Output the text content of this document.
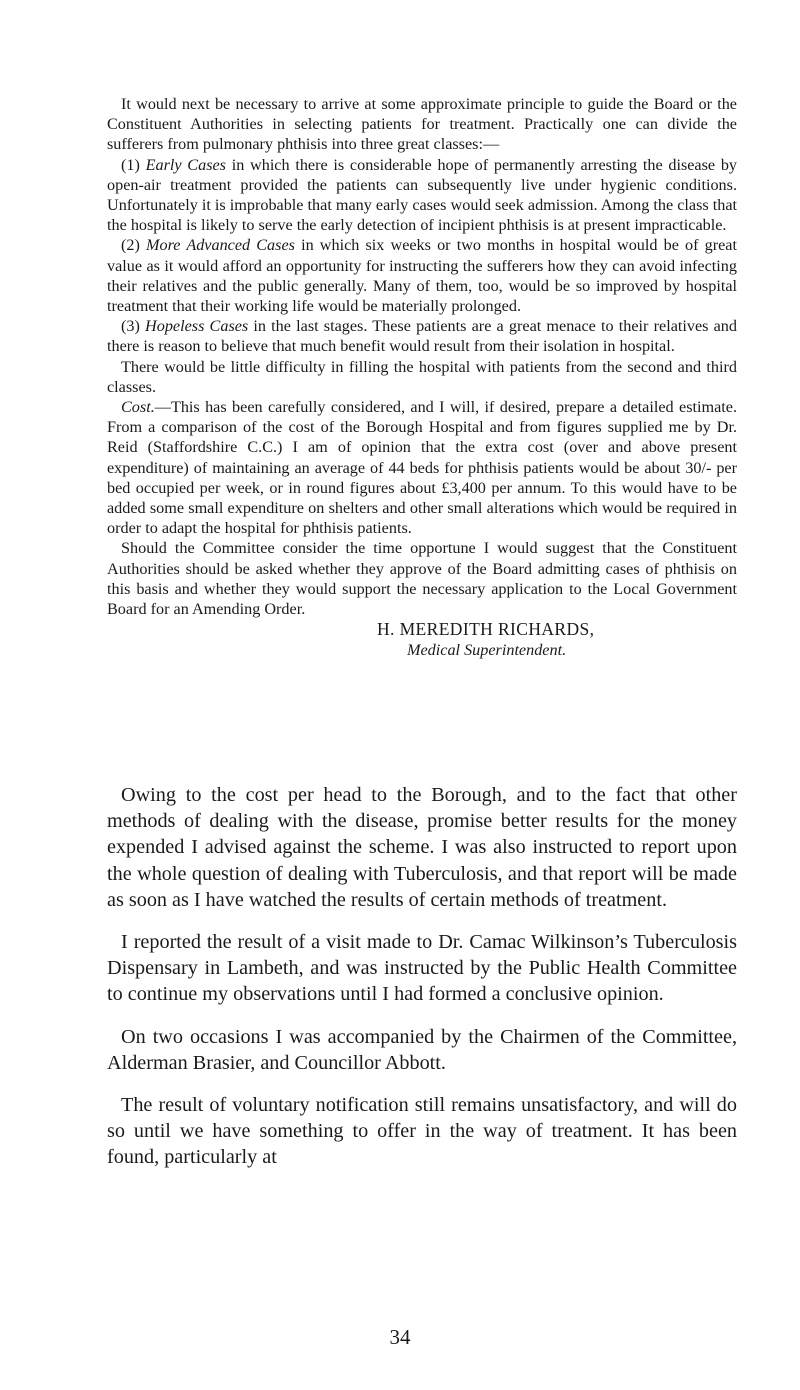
It would next be necessary to arrive at some approximate principle to guide the Board or the Constituent Authorities in selecting patients for treatment. Practically one can divide the sufferers from pulmonary phthisis into three great classes:—

(1) Early Cases in which there is considerable hope of permanently arresting the disease by open-air treatment provided the patients can subsequently live under hygienic conditions. Unfortunately it is improbable that many early cases would seek admission. Among the class that the hospital is likely to serve the early detection of incipient phthisis is at present impracticable.

(2) More Advanced Cases in which six weeks or two months in hospital would be of great value as it would afford an opportunity for instructing the sufferers how they can avoid infecting their relatives and the public generally. Many of them, too, would be so improved by hospital treatment that their working life would be materially prolonged.

(3) Hopeless Cases in the last stages. These patients are a great menace to their relatives and there is reason to believe that much benefit would result from their isolation in hospital.

There would be little difficulty in filling the hospital with patients from the second and third classes.

Cost.—This has been carefully considered, and I will, if desired, prepare a detailed estimate. From a comparison of the cost of the Borough Hospital and from figures supplied me by Dr. Reid (Staffordshire C.C.) I am of opinion that the extra cost (over and above present expenditure) of maintaining an average of 44 beds for phthisis patients would be about 30/- per bed occupied per week, or in round figures about £3,400 per annum. To this would have to be added some small expenditure on shelters and other small alterations which would be required in order to adapt the hospital for phthisis patients.

Should the Committee consider the time opportune I would suggest that the Constituent Authorities should be asked whether they approve of the Board admitting cases of phthisis on this basis and whether they would support the necessary application to the Local Government Board for an Amending Order.

H. MEREDITH RICHARDS,
Medical Superintendent.

Owing to the cost per head to the Borough, and to the fact that other methods of dealing with the disease, promise better results for the money expended I advised against the scheme. I was also instructed to report upon the whole question of dealing with Tuberculosis, and that report will be made as soon as I have watched the results of certain methods of treatment.

I reported the result of a visit made to Dr. Camac Wilkinson’s Tuberculosis Dispensary in Lambeth, and was instructed by the Public Health Committee to continue my observations until I had formed a conclusive opinion.

On two occasions I was accompanied by the Chairmen of the Committee, Alderman Brasier, and Councillor Abbott.

The result of voluntary notification still remains unsatisfactory, and will do so until we have something to offer in the way of treatment. It has been found, particularly at

34
